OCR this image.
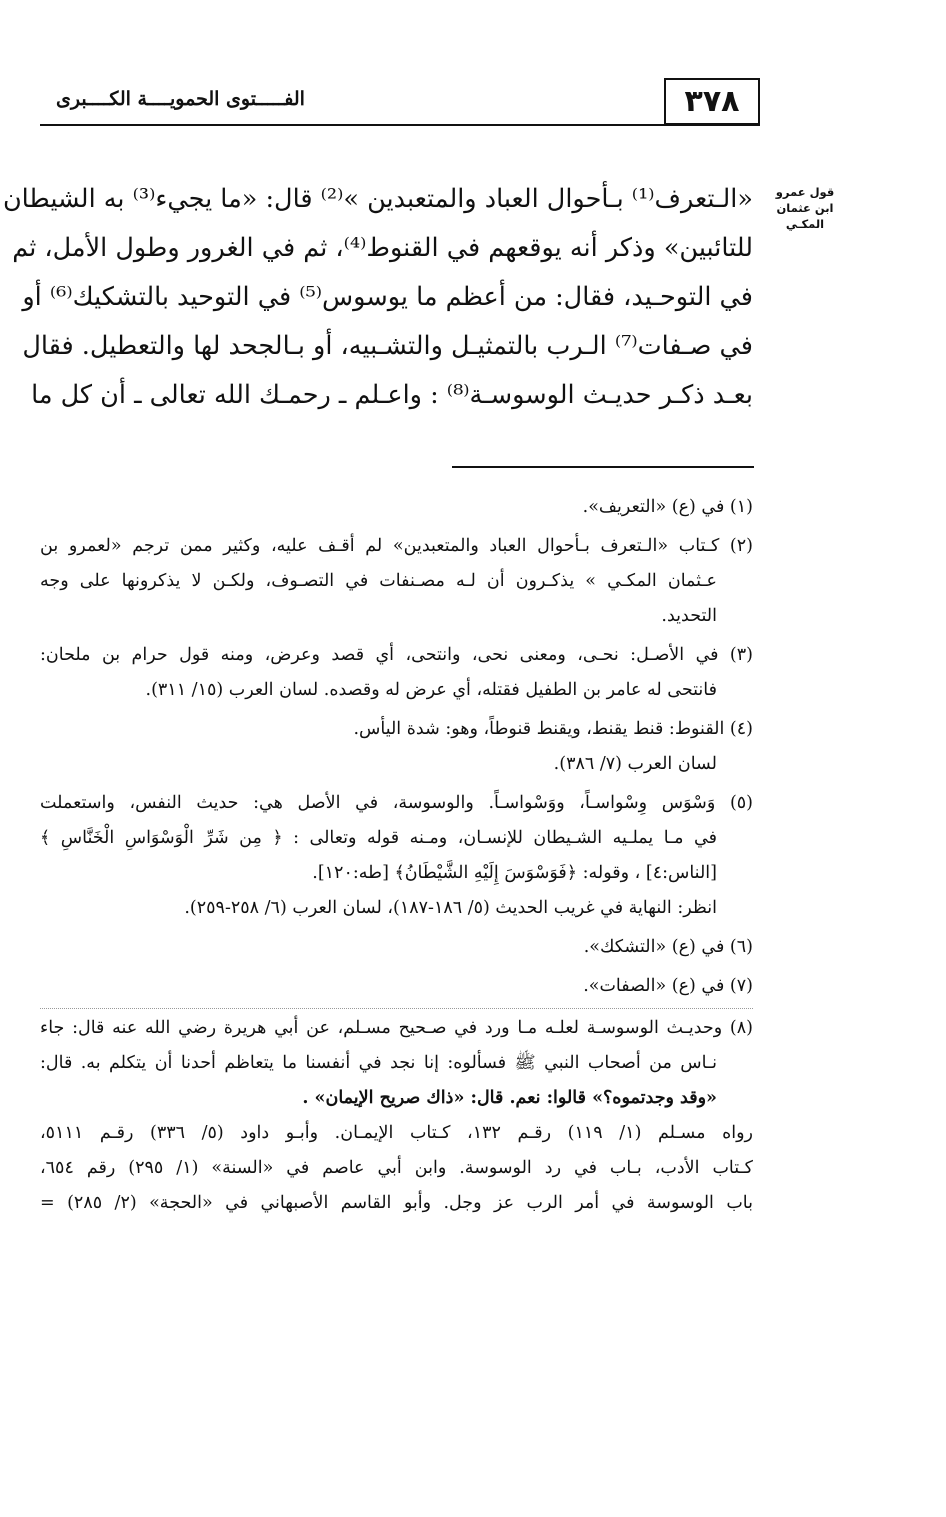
٣٧٨
الفـــــتوى الحمويــــة الكــــبرى
قول عمرو
ابن عثمان
المكـي
«الـتعرف⁽¹⁾ بـأحوال العباد والمتعبدين »⁽²⁾ قال: «ما يجيء⁽³⁾ به الشيطان
للتائبين» وذكر أنه يوقعهم في القنوط⁽⁴⁾، ثم في الغرور وطول الأمل، ثم
في التوحـيد، فقال: من أعظم ما يوسوس⁽⁵⁾ في التوحيد بالتشكيك⁽⁶⁾ أو
في صـفات⁽⁷⁾ الـرب بالتمثيـل والتشـبيه، أو بـالجحد لها والتعطيل. فقال
بعـد ذكـر حديـث الوسوسـة⁽⁸⁾ : واعـلم ـ رحمـك الله تعالى ـ أن كل ما
(١) في (ع) «التعريف».
(٢) كـتاب «الـتعرف بـأحوال العباد والمتعبدين» لم أقـف عليه، وكثير ممن ترجم «لعمرو بن
عـثمان المكـي » يذكـرون أن لـه مصـنفات في التصـوف، ولكـن لا يذكرونها على وجه
التحديد.
(٣) في الأصـل: نحـى، ومعنى نحى، وانتحى، أي قصد وعرض، ومنه قول حرام بن ملحان:
فانتحى له عامر بن الطفيل فقتله، أي عرض له وقصده. لسان العرب (١٥/ ٣١١).
(٤) القنوط: قنط يقنط، ويقنط قنوطاً، وهو: شدة اليأس.
لسان العرب (٧/ ٣٨٦).
(٥) وَسْوَس وِسْواسـاً، ووَسْواسـاً. والوسوسة، في الأصل هي: حديث النفس، واستعملت
في مـا يملـيه الشـيطان للإنسـان، ومـنه قوله وتعالى : ﴿ مِن شَرِّ الْوَسْوَاسِ الْخَنَّاسِ ﴾
[الناس:٤] ، وقوله: ﴿فَوَسْوَسَ إِلَيْهِ الشَّيْطَانُ﴾ [طه:١٢٠].
انظر: النهاية في غريب الحديث (٥/ ١٨٦-١٨٧)، لسان العرب (٦/ ٢٥٨-٢٥٩).
(٦) في (ع) «التشكك».
(٧) في (ع) «الصفات».
(٨) وحديـث الوسوسـة لعلـه مـا ورد في صـحيح مسـلم، عن أبي هريرة رضي الله عنه قال: جاء
نـاس من أصحاب النبي ﷺ فسألوه: إنا نجد في أنفسنا ما يتعاظم أحدنا أن يتكلم به. قال:
«وقد وجدتموه؟» قالوا: نعم. قال: «ذاك صريح الإيمان» .
رواه مسـلم (١/ ١١٩) رقـم ١٣٢، كـتاب الإيمـان. وأبـو داود (٥/ ٣٣٦) رقـم ٥١١١،
كـتاب الأدب، بـاب في رد الوسوسة. وابن أبي عاصم في «السنة» (١/ ٢٩٥) رقم ٦٥٤،
باب الوسوسة في أمر الرب عز وجل. وأبو القاسم الأصبهاني في «الحجة» (٢/ ٢٨٥) =
